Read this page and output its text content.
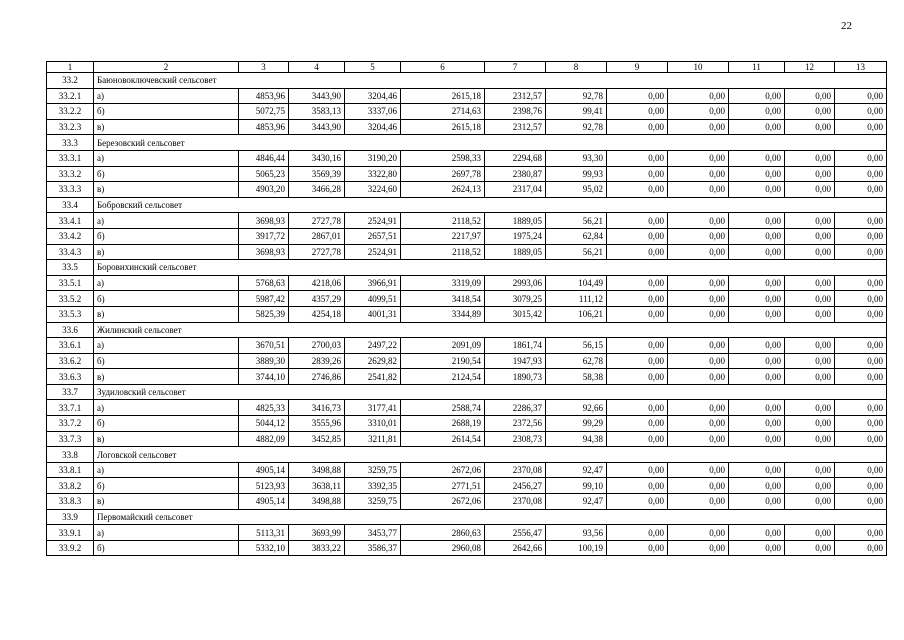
22
1	2	3	4	5	6	7	8	9	10	11	12	13
33.2	Баюновоключевский сельсовет											
33.2.1	а)	4853,96	3443,90	3204,46	2615,18	2312,57	92,78	0,00	0,00	0,00	0,00	0,00
33.2.2	б)	5072,75	3583,13	3337,06	2714,63	2398,76	99,41	0,00	0,00	0,00	0,00	0,00
33.2.3	в)	4853,96	3443,90	3204,46	2615,18	2312,57	92,78	0,00	0,00	0,00	0,00	0,00
33.3	Березовский сельсовет											
33.3.1	а)	4846,44	3430,16	3190,20	2598,33	2294,68	93,30	0,00	0,00	0,00	0,00	0,00
33.3.2	б)	5065,23	3569,39	3322,80	2697,78	2380,87	99,93	0,00	0,00	0,00	0,00	0,00
33.3.3	в)	4903,20	3466,28	3224,60	2624,13	2317,04	95,02	0,00	0,00	0,00	0,00	0,00
33.4	Бобровский сельсовет											
33.4.1	а)	3698,93	2727,78	2524,91	2118,52	1889,05	56,21	0,00	0,00	0,00	0,00	0,00
33.4.2	б)	3917,72	2867,01	2657,51	2217,97	1975,24	62,84	0,00	0,00	0,00	0,00	0,00
33.4.3	в)	3698,93	2727,78	2524,91	2118,52	1889,05	56,21	0,00	0,00	0,00	0,00	0,00
33.5	Боровихинский сельсовет											
33.5.1	а)	5768,63	4218,06	3966,91	3319,09	2993,06	104,49	0,00	0,00	0,00	0,00	0,00
33.5.2	б)	5987,42	4357,29	4099,51	3418,54	3079,25	111,12	0,00	0,00	0,00	0,00	0,00
33.5.3	в)	5825,39	4254,18	4001,31	3344,89	3015,42	106,21	0,00	0,00	0,00	0,00	0,00
33.6	Жилинский сельсовет											
33.6.1	а)	3670,51	2700,03	2497,22	2091,09	1861,74	56,15	0,00	0,00	0,00	0,00	0,00
33.6.2	б)	3889,30	2839,26	2629,82	2190,54	1947,93	62,78	0,00	0,00	0,00	0,00	0,00
33.6.3	в)	3744,10	2746,86	2541,82	2124,54	1890,73	58,38	0,00	0,00	0,00	0,00	0,00
33.7	Зудиловский сельсовет											
33.7.1	а)	4825,33	3416,73	3177,41	2588,74	2286,37	92,66	0,00	0,00	0,00	0,00	0,00
33.7.2	б)	5044,12	3555,96	3310,01	2688,19	2372,56	99,29	0,00	0,00	0,00	0,00	0,00
33.7.3	в)	4882,09	3452,85	3211,81	2614,54	2308,73	94,38	0,00	0,00	0,00	0,00	0,00
33.8	Логовской сельсовет											
33.8.1	а)	4905,14	3498,88	3259,75	2672,06	2370,08	92,47	0,00	0,00	0,00	0,00	0,00
33.8.2	б)	5123,93	3638,11	3392,35	2771,51	2456,27	99,10	0,00	0,00	0,00	0,00	0,00
33.8.3	в)	4905,14	3498,88	3259,75	2672,06	2370,08	92,47	0,00	0,00	0,00	0,00	0,00
33.9	Первомайский сельсовет											
33.9.1	а)	5113,31	3693,99	3453,77	2860,63	2556,47	93,56	0,00	0,00	0,00	0,00	0,00
33.9.2	б)	5332,10	3833,22	3586,37	2960,08	2642,66	100,19	0,00	0,00	0,00	0,00	0,00
